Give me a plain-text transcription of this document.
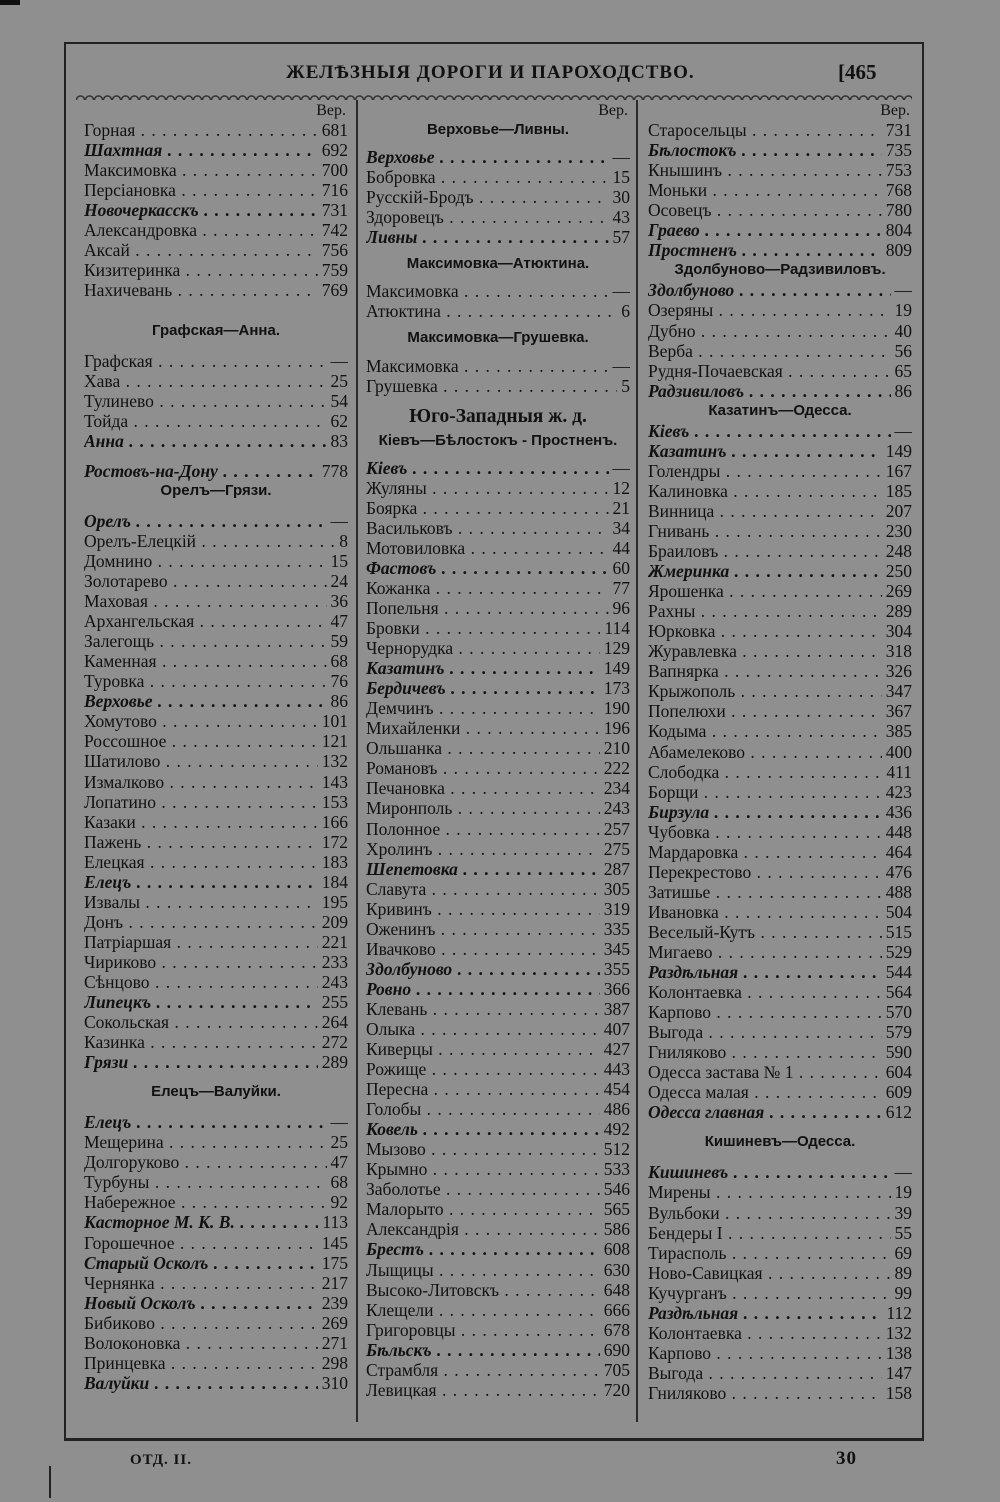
ЖЕЛѢЗНЫЯ ДОРОГИ И ПАРОХОДСТВО.	[465
Вер.
Горная . . .	681
Шахтная . . .	692
Максимовка . . .	700
Персіановка . . .	716
Новочеркасскъ . . .	731
Александровка . . .	742
Аксай . . .	756
Кизитеринка . . .	759
Нахичевань . . .	769
Графская—Анна.
Графская . . .	—
Хава . . .	25
Тулинево . . .	54
Тойда . . .	62
Анна . . .	83
Ростовъ-на-Дону . . .	778
Орелъ—Грязи.
Орелъ . . .	—
Орелъ-Елецкій . . .	8
Домнино . . .	15
Золотарево . . .	24
Маховая . . .	36
Архангельская . . .	47
Залегощь . . .	59
Каменная . . .	68
Туровка . . .	76
Верховье . . .	86
Хомутово . . .	101
Россошное . . .	121
Шатилово . . .	132
Измалково . . .	143
Лопатино . . .	153
Казаки . . .	166
Пажень . . .	172
Елецкая . . .	183
Елецъ . . .	184
Извалы . . .	195
Донъ . . .	209
Патріаршая . . .	221
Чириково . . .	233
Сѣнцово . . .	243
Липецкъ . . .	255
Сокольская . . .	264
Казинка . . .	272
Грязи . . .	289
Елецъ—Валуйки.
Елецъ . . .	—
Мещерина . . .	25
Долгоруково . . .	47
Турбуны . . .	68
Набережное . . .	92
Касторное М. К. В. . . .	113
Горошечное . . .	145
Старый Осколъ . . .	175
Чернянка . . .	217
Новый Осколъ . . .	239
Бибиково . . .	269
Волоконовка . . .	271
Принцевка . . .	298
Валуйки . . .	310
Вер.
Верховье—Ливны.
Верховье . . .	—
Бобровка . . .	15
Русскій-Бродъ . . .	30
Здоровецъ . . .	43
Ливны . . .	57
Максимовка—Атюктина.
Максимовка . . .	—
Атюктина . . .	6
Максимовка—Грушевка.
Максимовка . . .	—
Грушевка . . .	5
Юго-Западныя ж. д.
Кіевъ—Бѣлостокъ - Простненъ.
Кіевъ . . .	—
Жуляны . . .	12
Боярка . . .	21
Васильковъ . . .	34
Мотовиловка . . .	44
Фастовъ . . .	60
Кожанка . . .	77
Попельня . . .	96
Бровки . . .	114
Чернорудка . . .	129
Казатинъ . . .	149
Бердичевъ . . .	173
Демчинъ . . .	190
Михайленки . . .	196
Ольшанка . . .	210
Романовъ . . .	222
Печановка . . .	234
Миронполь . . .	243
Полонное . . .	257
Хролинъ . . .	275
Шепетовка . . .	287
Славута . . .	305
Кривинъ . . .	319
Оженинъ . . .	335
Ивачково . . .	345
Здолбуново . . .	355
Ровно . . .	366
Клевань . . .	387
Олыка . . .	407
Киверцы . . .	427
Рожище . . .	443
Пересна . . .	454
Голобы . . .	486
Ковель . . .	492
Мызово . . .	512
Крымно . . .	533
Заболотье . . .	546
Малорыто . . .	565
Александрія . . .	586
Брестъ . . .	608
Лыщицы . . .	630
Высоко-Литовскъ . . .	648
Клещели . . .	666
Григоровцы . . .	678
Бѣльскъ . . .	690
Страмбля . . .	705
Левицкая . . .	720
Вер.
Старосельцы . . .	731
Бѣлостокъ . . .	735
Кнышинъ . . .	753
Моньки . . .	768
Осовецъ . . .	780
Граево . . .	804
Простненъ . . .	809
Здолбуново—Радзивиловъ.
Здолбуново . . .	—
Озеряны . . .	19
Дубно . . .	40
Верба . . .	56
Рудня-Почаевская . . .	65
Радзивиловъ . . .	86
Казатинъ—Одесса.
Кіевъ . . .	—
Казатинъ . . .	149
Голендры . . .	167
Калиновка . . .	185
Винница . . .	207
Гнивань . . .	230
Браиловъ . . .	248
Жмеринка . . .	250
Ярошенка . . .	269
Рахны . . .	289
Юрковка . . .	304
Журавлевка . . .	318
Вапнярка . . .	326
Крыжополь . . .	347
Попелюхи . . .	367
Кодыма . . .	385
Абамелеково . . .	400
Слободка . . .	411
Борщи . . .	423
Бирзула . . .	436
Чубовка . . .	448
Мардаровка . . .	464
Перекрестово . . .	476
Затишье . . .	488
Ивановка . . .	504
Веселый-Кутъ . . .	515
Мигаево . . .	529
Раздѣльная . . .	544
Колонтаевка . . .	564
Карпово . . .	570
Выгода . . .	579
Гниляково . . .	590
Одесса застава № 1 . . .	604
Одесса малая . . .	609
Одесса главная . . .	612
Кишиневъ—Одесса.
Кишиневъ . . .	—
Мирены . . .	19
Вульбоки . . .	39
Бендеры I . . .	55
Тирасполь . . .	69
Ново-Савицкая . . .	89
Кучурганъ . . .	99
Раздѣльная . . .	112
Колонтаевка . . .	132
Карпово . . .	138
Выгода . . .	147
Гниляково . . .	158
ОТД. II.	30
